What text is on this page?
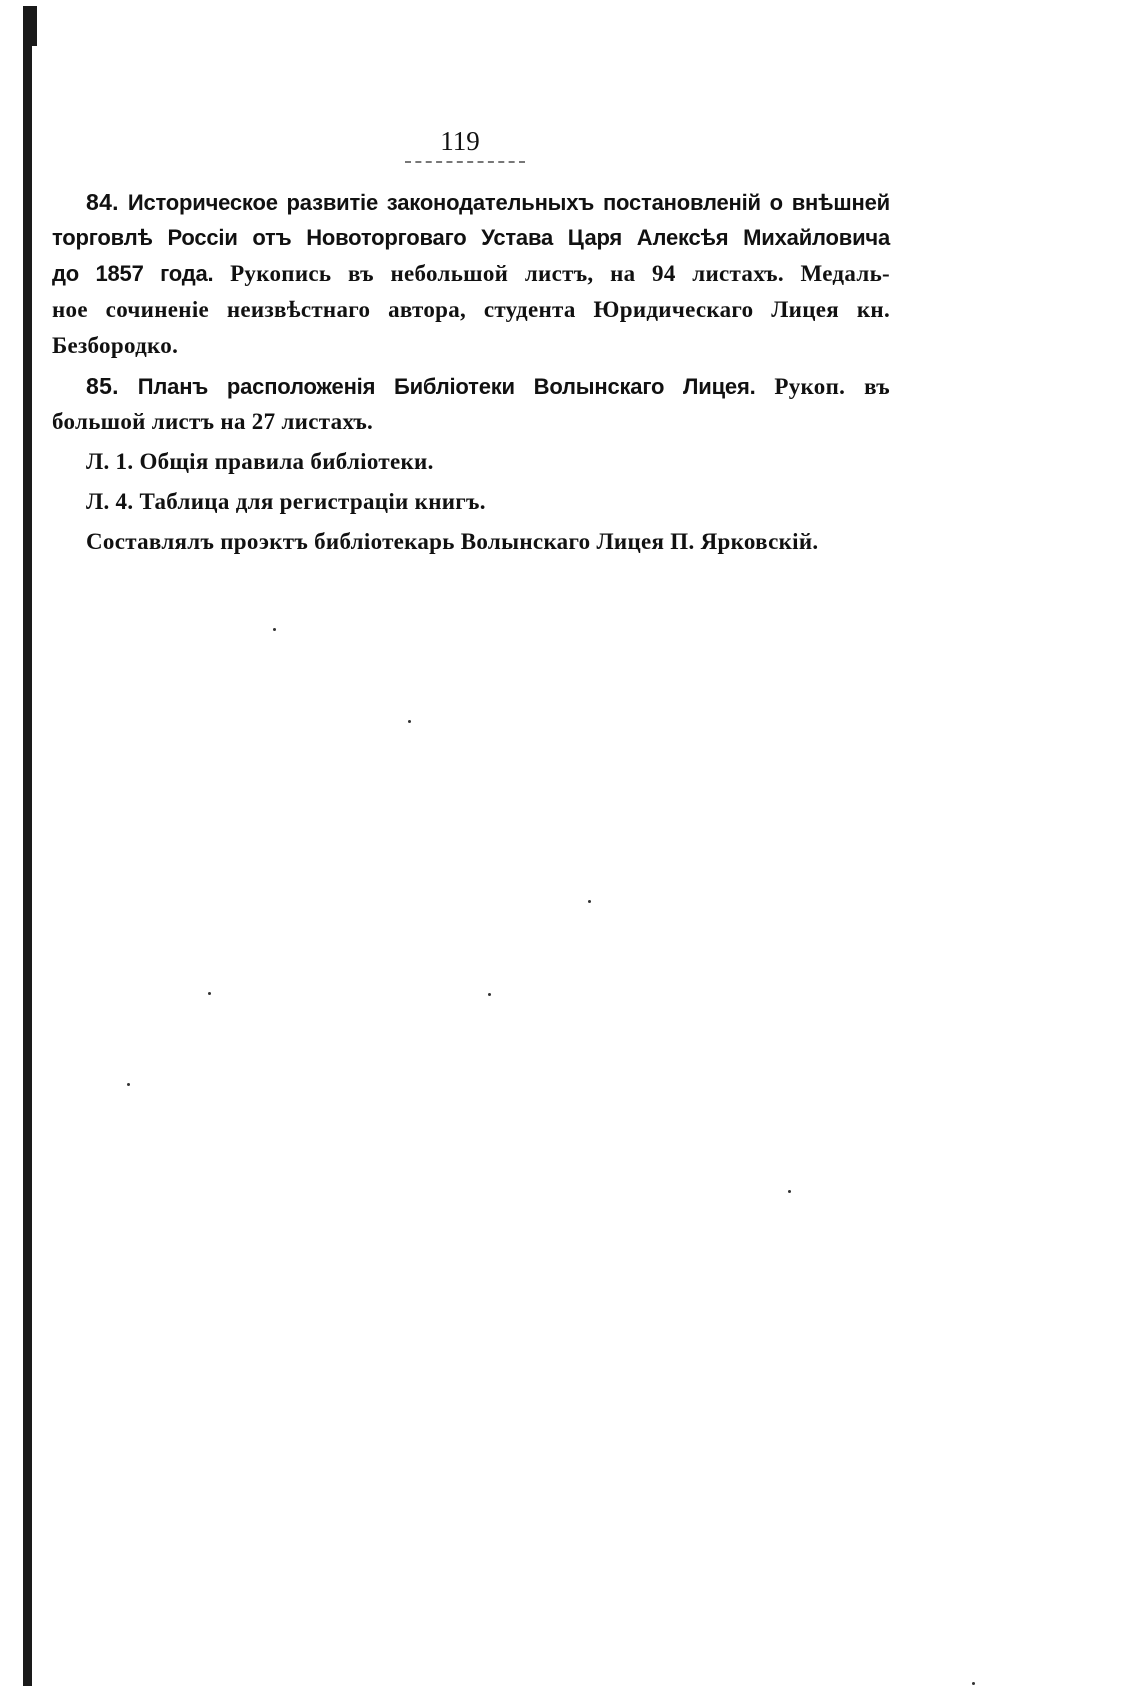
119
84. Историческое развитіе законодательныхъ постановленій о внѣшней
торговлѣ Россіи отъ Новоторговаго Устава Царя Алексѣя Михайловича
до 1857 года. Рукопись въ небольшой листъ, на 94 листахъ. Медаль-
ное сочиненіе неизвѣстнаго автора, студента Юридическаго Лицея кн.
Безбородко.
85. Планъ расположенія Библіотеки Волынскаго Лицея. Рукоп. въ
большой листъ на 27 листахъ.
Л. 1. Общія правила библіотеки.
Л. 4. Таблица для регистраціи книгъ.
Составлялъ проэктъ библіотекарь Волынскаго Лицея П. Ярковскій.
